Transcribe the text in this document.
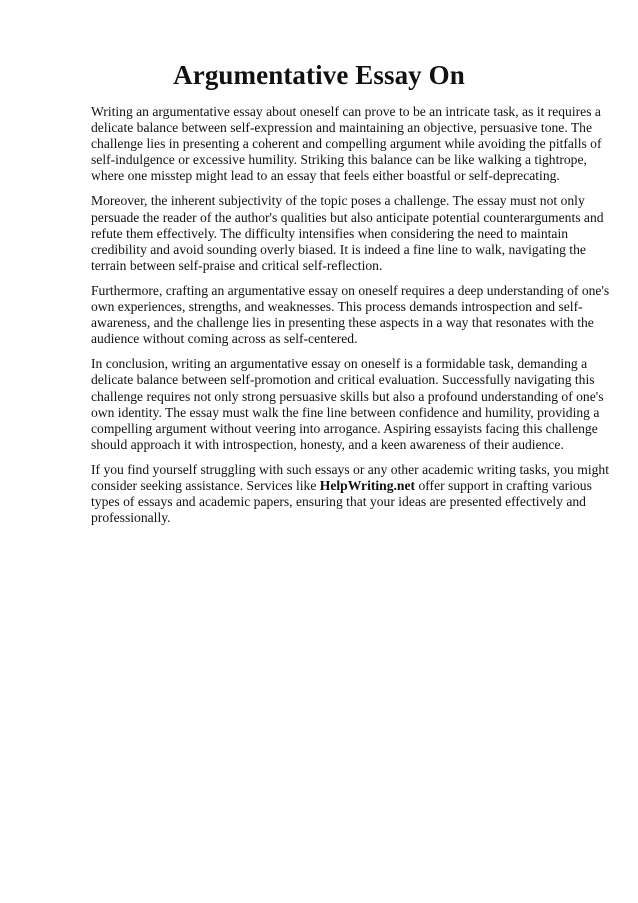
Argumentative Essay On

Writing an argumentative essay about oneself can prove to be an intricate task, as it requires a
delicate balance between self-expression and maintaining an objective, persuasive tone. The
challenge lies in presenting a coherent and compelling argument while avoiding the pitfalls of
self-indulgence or excessive humility. Striking this balance can be like walking a tightrope,
where one misstep might lead to an essay that feels either boastful or self-deprecating.

Moreover, the inherent subjectivity of the topic poses a challenge. The essay must not only
persuade the reader of the author's qualities but also anticipate potential counterarguments and
refute them effectively. The difficulty intensifies when considering the need to maintain
credibility and avoid sounding overly biased. It is indeed a fine line to walk, navigating the
terrain between self-praise and critical self-reflection.

Furthermore, crafting an argumentative essay on oneself requires a deep understanding of one's
own experiences, strengths, and weaknesses. This process demands introspection and self-
awareness, and the challenge lies in presenting these aspects in a way that resonates with the
audience without coming across as self-centered.

In conclusion, writing an argumentative essay on oneself is a formidable task, demanding a
delicate balance between self-promotion and critical evaluation. Successfully navigating this
challenge requires not only strong persuasive skills but also a profound understanding of one's
own identity. The essay must walk the fine line between confidence and humility, providing a
compelling argument without veering into arrogance. Aspiring essayists facing this challenge
should approach it with introspection, honesty, and a keen awareness of their audience.

If you find yourself struggling with such essays or any other academic writing tasks, you might
consider seeking assistance. Services like HelpWriting.net offer support in crafting various
types of essays and academic papers, ensuring that your ideas are presented effectively and
professionally.
